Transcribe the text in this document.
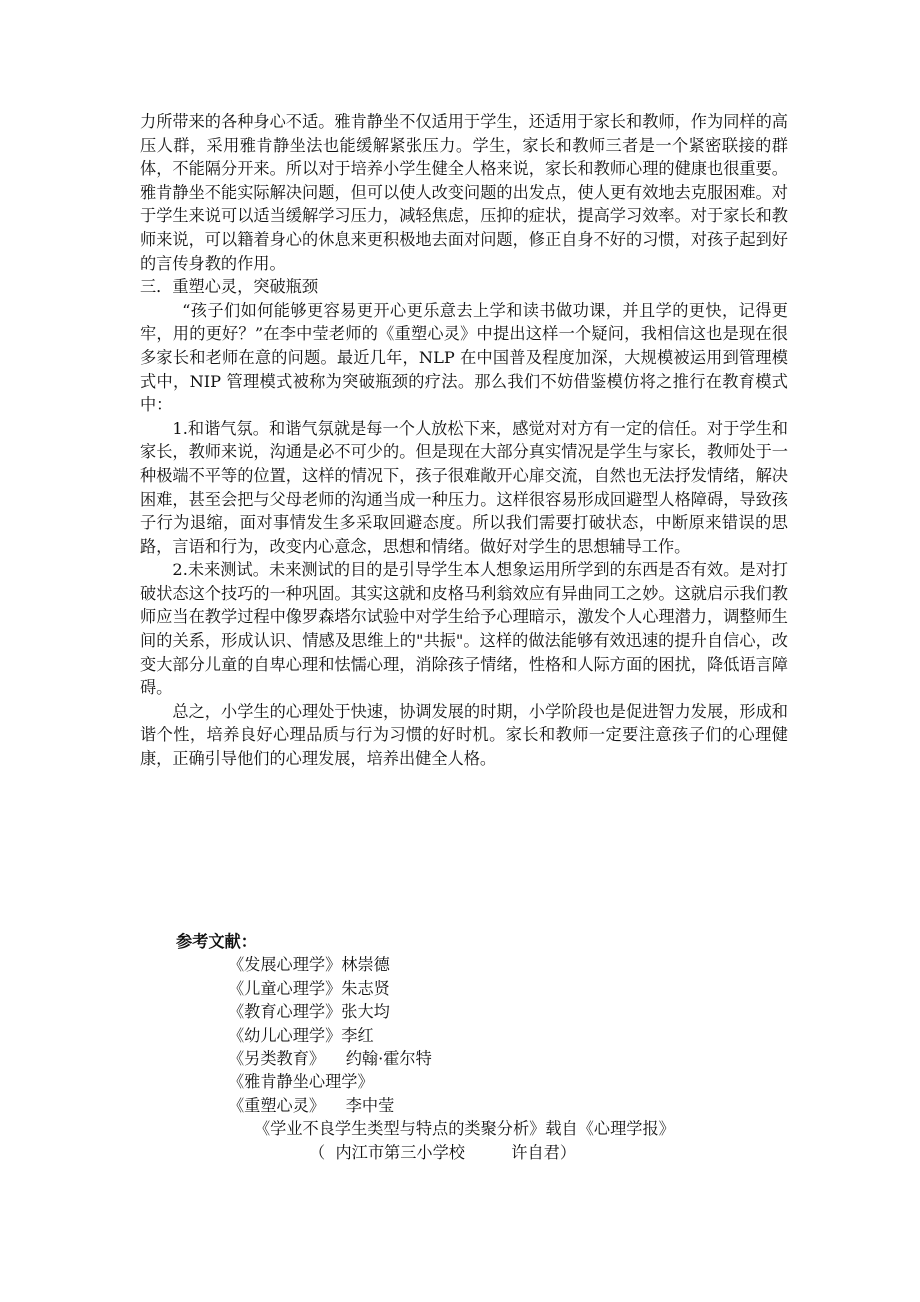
力所带来的各种身心不适。雅肯静坐不仅适用于学生，还适用于家长和教师，作为同样的高压人群，采用雅肯静坐法也能缓解紧张压力。学生，家长和教师三者是一个紧密联接的群体，不能隔分开来。所以对于培养小学生健全人格来说，家长和教师心理的健康也很重要。雅肯静坐不能实际解决问题，但可以使人改变问题的出发点，使人更有效地去克服困难。对于学生来说可以适当缓解学习压力，减轻焦虑，压抑的症状，提高学习效率。对于家长和教师来说，可以籍着身心的休息来更积极地去面对问题，修正自身不好的习惯，对孩子起到好的言传身教的作用。

三．重塑心灵，突破瓶颈

“孩子们如何能够更容易更开心更乐意去上学和读书做功课，并且学的更快，记得更牢，用的更好？”在李中莹老师的《重塑心灵》中提出这样一个疑问，我相信这也是现在很多家长和老师在意的问题。最近几年，NLP 在中国普及程度加深，大规模被运用到管理模式中，NIP 管理模式被称为突破瓶颈的疗法。那么我们不妨借鉴模仿将之推行在教育模式中：

1.和谐气氛。和谐气氛就是每一个人放松下来，感觉对对方有一定的信任。对于学生和家长，教师来说，沟通是必不可少的。但是现在大部分真实情况是学生与家长，教师处于一种极端不平等的位置，这样的情况下，孩子很难敞开心扉交流，自然也无法抒发情绪，解决困难，甚至会把与父母老师的沟通当成一种压力。这样很容易形成回避型人格障碍，导致孩子行为退缩，面对事情发生多采取回避态度。所以我们需要打破状态，中断原来错误的思路，言语和行为，改变内心意念，思想和情绪。做好对学生的思想辅导工作。

2.未来测试。未来测试的目的是引导学生本人想象运用所学到的东西是否有效。是对打破状态这个技巧的一种巩固。其实这就和皮格马利翁效应有异曲同工之妙。这就启示我们教师应当在教学过程中像罗森塔尔试验中对学生给予心理暗示，激发个人心理潜力，调整师生间的关系，形成认识、情感及思维上的"共振"。这样的做法能够有效迅速的提升自信心，改变大部分儿童的自卑心理和怯懦心理，消除孩子情绪，性格和人际方面的困扰，降低语言障碍。

总之，小学生的心理处于快速，协调发展的时期，小学阶段也是促进智力发展，形成和谐个性，培养良好心理品质与行为习惯的好时机。家长和教师一定要注意孩子们的心理健康，正确引导他们的心理发展，培养出健全人格。

参考文献：

《发展心理学》林崇德

《儿童心理学》朱志贤

《教育心理学》张大均

《幼儿心理学》李红

《另类教育》    约翰·霍尔特

《雅肯静坐心理学》

《重塑心灵》    李中莹

《学业不良学生类型与特点的类聚分析》载自《心理学报》

（  内江市第三小学校         许自君）
